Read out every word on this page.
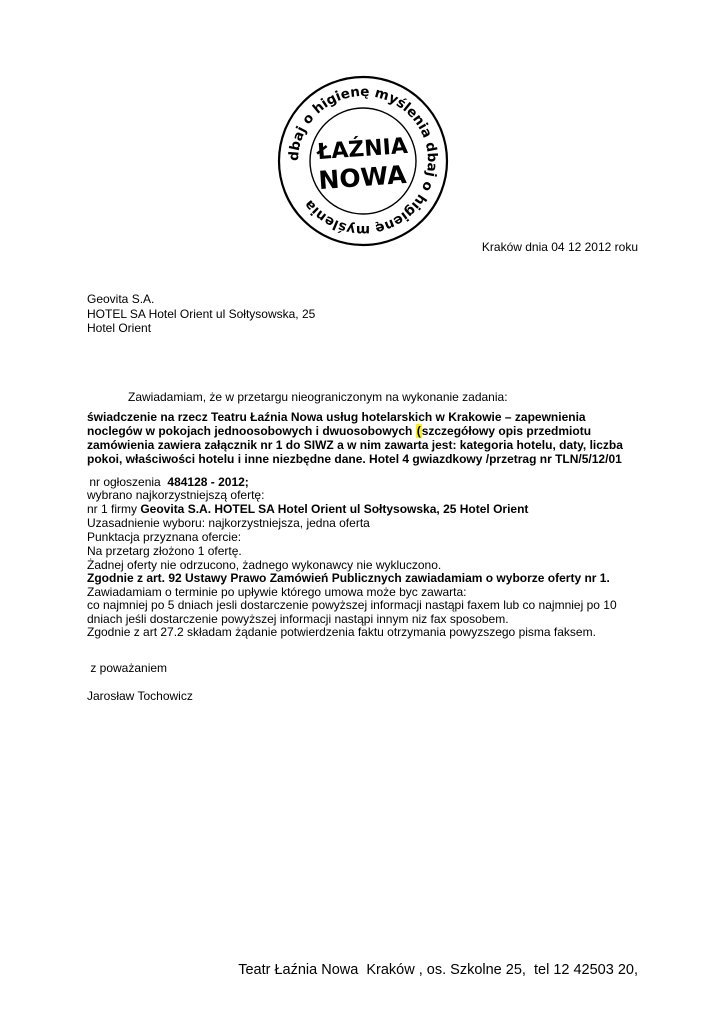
dbaj o higienę myślenia dbaj o higienę myślenia
ŁAŹNIA
NOWA
Kraków dnia 04 12 2012 roku
Geovita S.A.
HOTEL SA Hotel Orient ul Sołtysowska, 25
Hotel Orient
Zawiadamiam, że w przetargu nieograniczonym na wykonanie zadania:
świadczenie na rzecz Teatru Łaźnia Nowa usług hotelarskich w Krakowie – zapewnienia
noclegów w pokojach jednoosobowych i dwuosobowych (szczegółowy opis przedmiotu
zamówienia zawiera załącznik nr 1 do SIWZ a w nim zawarta jest: kategoria hotelu, daty, liczba
pokoi, właściwości hotelu i inne niezbędne dane. Hotel 4 gwiazdkowy /przetrag nr TLN/5/12/01
nr ogłoszenia  484128 - 2012;
wybrano najkorzystniejszą ofertę:
nr 1 firmy Geovita S.A. HOTEL SA Hotel Orient ul Sołtysowska, 25 Hotel Orient
Uzasadnienie wyboru: najkorzystniejsza, jedna oferta
Punktacja przyznana ofercie:
Na przetarg złożono 1 ofertę.
Żadnej oferty nie odrzucono, żadnego wykonawcy nie wykluczono.
Zgodnie z art. 92 Ustawy Prawo Zamówień Publicznych zawiadamiam o wyborze oferty nr 1.
Zawiadamiam o terminie po upływie którego umowa może byc zawarta:
co najmniej po 5 dniach jesli dostarczenie powyższej informacji nastąpi faxem lub co najmniej po 10
dniach jeśli dostarczenie powyższej informacji nastąpi innym niz fax sposobem.
Zgodnie z art 27.2 składam żądanie potwierdzenia faktu otrzymania powyzszego pisma faksem.
z poważaniem
Jarosław Tochowicz
Teatr Łaźnia Nowa  Kraków , os. Szkolne 25,  tel 12 42503 20,
